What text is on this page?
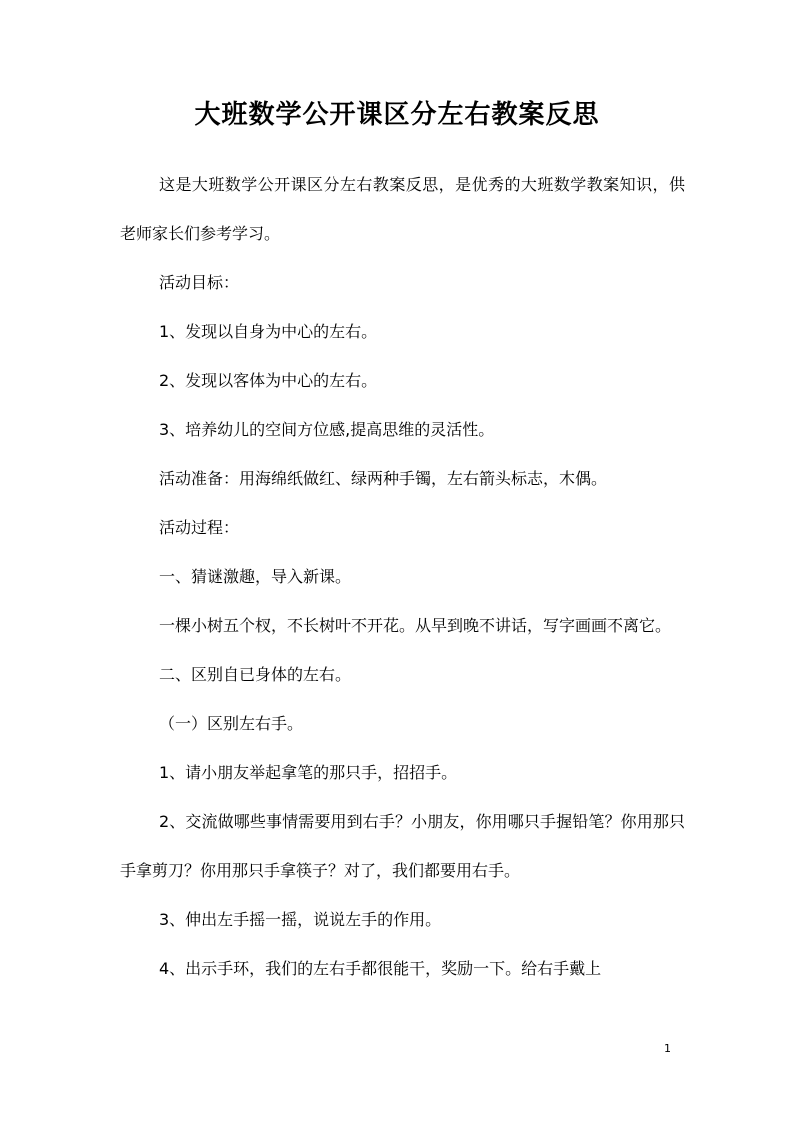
大班数学公开课区分左右教案反思

这是大班数学公开课区分左右教案反思，是优秀的大班数学教案知识，供老师家长们参考学习。

活动目标：

1、发现以自身为中心的左右。

2、发现以客体为中心的左右。

3、培养幼儿的空间方位感,提高思维的灵活性。

活动准备：用海绵纸做红、绿两种手镯，左右箭头标志，木偶。

活动过程：

一、猜谜激趣，导入新课。

一棵小树五个杈，不长树叶不开花。从早到晚不讲话，写字画画不离它。

二、区别自已身体的左右。

（一）区别左右手。

1、请小朋友举起拿笔的那只手，招招手。

2、交流做哪些事情需要用到右手？小朋友，你用哪只手握铅笔？你用那只手拿剪刀？你用那只手拿筷子？对了，我们都要用右手。

3、伸出左手摇一摇，说说左手的作用。

4、出示手环，我们的左右手都很能干，奖励一下。给右手戴上

1
